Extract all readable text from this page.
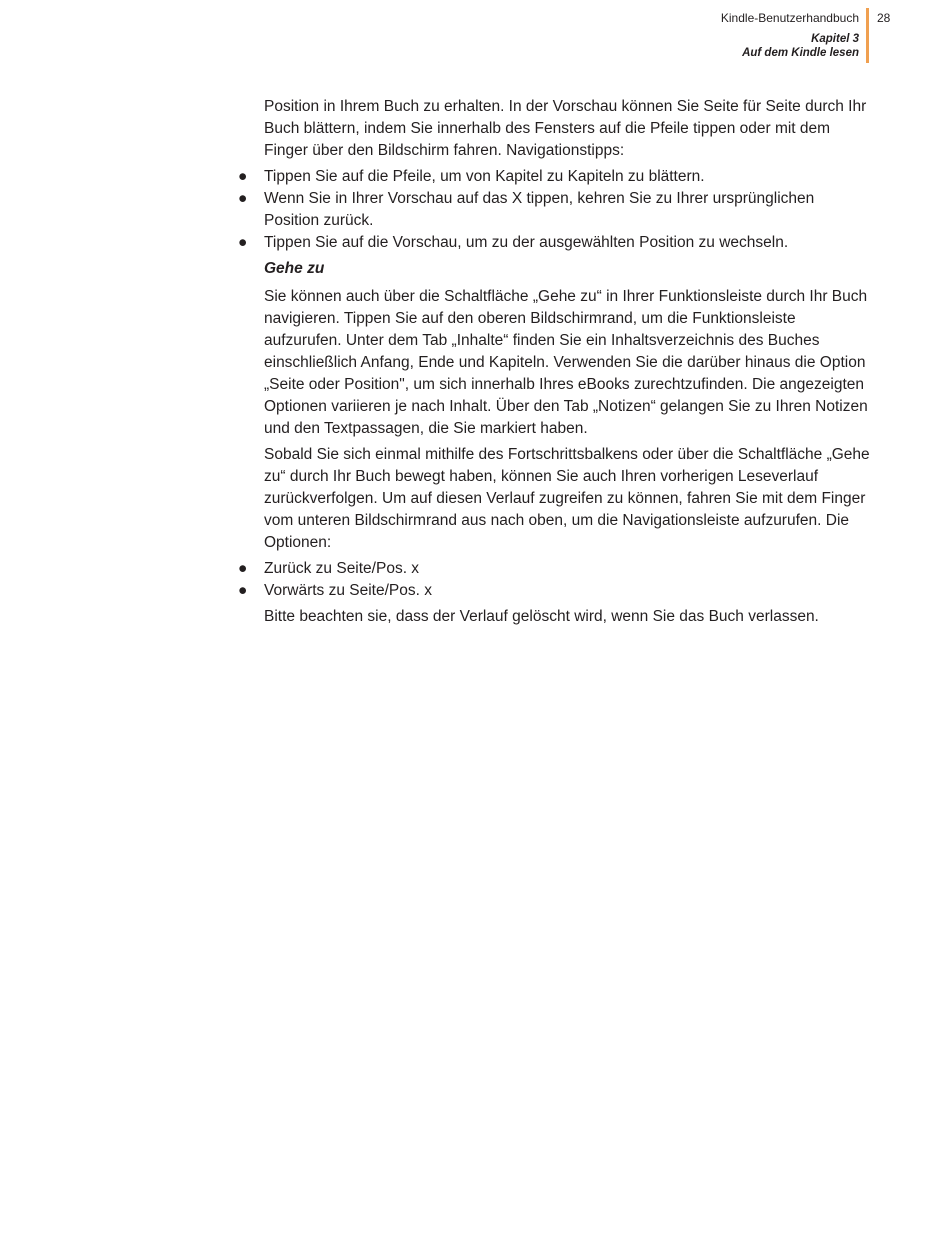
Kindle-Benutzerhandbuch

Kapitel 3
Auf dem Kindle lesen

28

Position in Ihrem Buch zu erhalten. In der Vorschau können Sie Seite für Seite durch Ihr Buch blättern, indem Sie innerhalb des Fensters auf die Pfeile tippen oder mit dem Finger über den Bildschirm fahren. Navigationstipps:

● Tippen Sie auf die Pfeile, um von Kapitel zu Kapiteln zu blättern.
● Wenn Sie in Ihrer Vorschau auf das X tippen, kehren Sie zu Ihrer ursprünglichen Position zurück.
● Tippen Sie auf die Vorschau, um zu der ausgewählten Position zu wechseln.
Gehe zu

Sie können auch über die Schaltfläche „Gehe zu“ in Ihrer Funktionsleiste durch Ihr Buch navigieren. Tippen Sie auf den oberen Bildschirmrand, um die Funktionsleiste aufzurufen. Unter dem Tab „Inhalte“ finden Sie ein Inhaltsverzeichnis des Buches einschließlich Anfang, Ende und Kapiteln. Verwenden Sie die darüber hinaus die Option „Seite oder Position", um sich innerhalb Ihres eBooks zurechtzufinden. Die angezeigten Optionen variieren je nach Inhalt. Über den Tab „Notizen“ gelangen Sie zu Ihren Notizen und den Textpassagen, die Sie markiert haben.

Sobald Sie sich einmal mithilfe des Fortschrittsbalkens oder über die Schaltfläche „Gehe zu“ durch Ihr Buch bewegt haben, können Sie auch Ihren vorherigen Leseverlauf zurückverfolgen. Um auf diesen Verlauf zugreifen zu können, fahren Sie mit dem Finger vom unteren Bildschirmrand aus nach oben, um die Navigationsleiste aufzurufen. Die Optionen:

● Zurück zu Seite/Pos. x
● Vorwärts zu Seite/Pos. x

Bitte beachten sie, dass der Verlauf gelöscht wird, wenn Sie das Buch verlassen.
